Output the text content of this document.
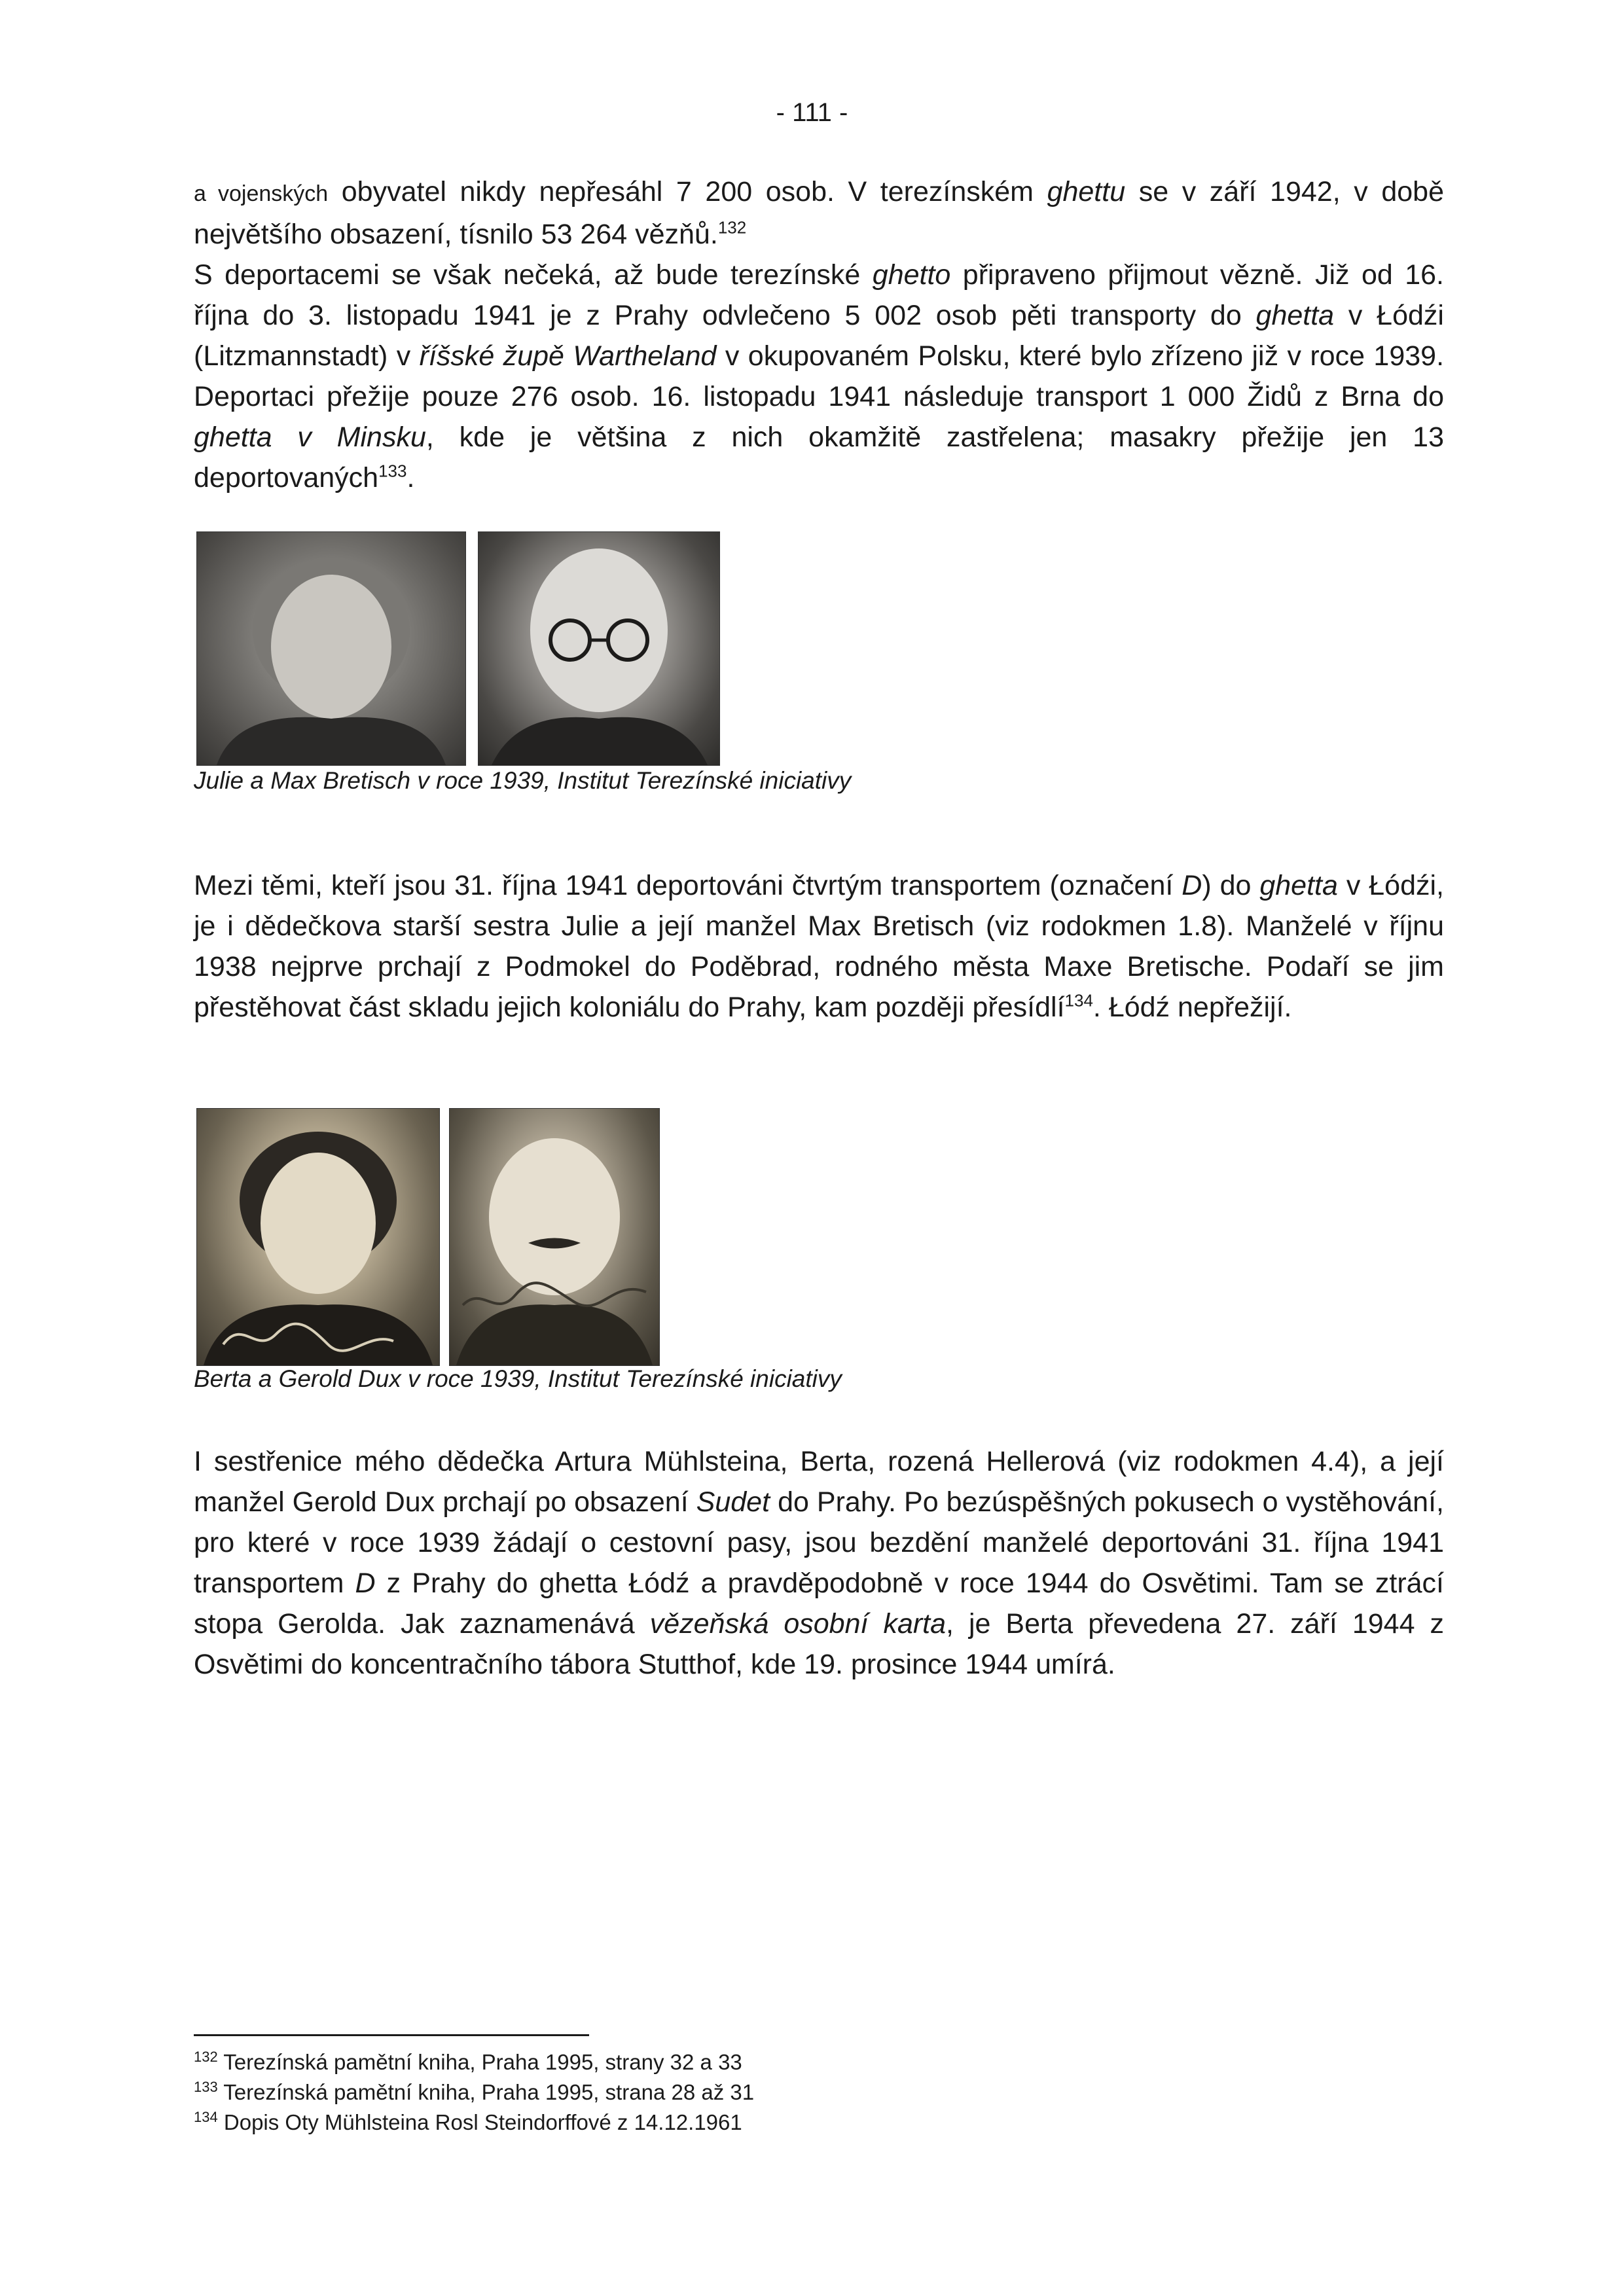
- 111 -

a vojenských obyvatel nikdy nepřesáhl 7 200 osob. V terezínském ghettu se v září 1942, v době největšího obsazení, tísnilo 53 264 vězňů.$^{132}$

S deportacemi se však nečeká, až bude terezínské ghetto připraveno přijmout vězně. Již od 16. října do 3. listopadu 1941 je z Prahy odvlečeno 5 002 osob pěti transporty do ghetta v Łódźi (Litzmannstadt) v říšské župě Wartheland v okupovaném Polsku, které bylo zřízeno již v roce 1939. Deportaci přežije pouze 276 osob. 16. listopadu 1941 následuje transport 1 000 Židů z Brna do ghetta v Minsku, kde je většina z nich okamžitě zastřelena; masakry přežije jen 13 deportovaných$^{133}$.

Julie a Max Bretisch v roce 1939, Institut Terezínské iniciativy

Mezi těmi, kteří jsou 31. října 1941 deportováni čtvrtým transportem (označení D) do ghetta v Łódźi, je i dědečkova starší sestra Julie a její manžel Max Bretisch (viz rodokmen 1.8). Manželé v říjnu 1938 nejprve prchají z Podmokel do Poděbrad, rodného města Maxe Bretische. Podaří se jim přestěhovat část skladu jejich koloniálu do Prahy, kam později přesídlí$^{134}$. Łódź nepřežijí.

Berta a Gerold Dux v roce 1939, Institut Terezínské iniciativy

I sestřenice mého dědečka Artura Mühlsteina, Berta, rozená Hellerová (viz rodokmen 4.4), a její manžel Gerold Dux prchají po obsazení Sudet do Prahy. Po bezúspěšných pokusech o vystěhování, pro které v roce 1939 žádají o cestovní pasy, jsou bezdění manželé deportováni 31. října 1941 transportem D z Prahy do ghetta Łódź a pravděpodobně v roce 1944 do Osvětimi. Tam se ztrácí stopa Gerolda. Jak zaznamenává vězeňská osobní karta, je Berta převedena 27. září 1944 z Osvětimi do koncentračního tábora Stutthof, kde 19. prosince 1944 umírá.

$^{132}$ Terezínská pamětní kniha, Praha 1995, strany 32 a 33
$^{133}$ Terezínská pamětní kniha, Praha 1995, strana 28 až 31
$^{134}$ Dopis Oty Mühlsteina Rosl Steindorffové z 14.12.1961
